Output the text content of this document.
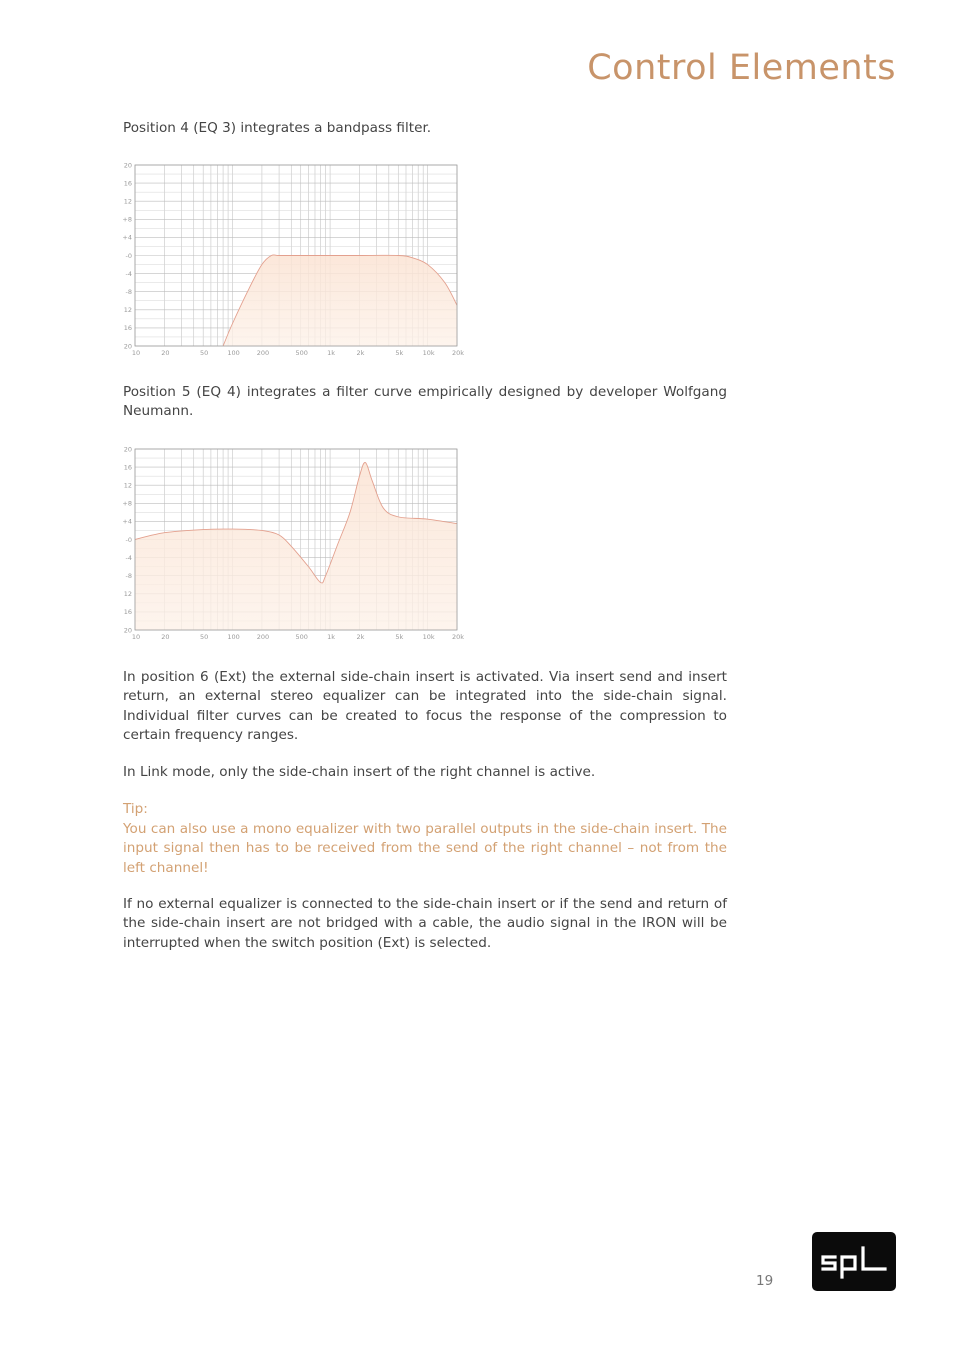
Control Elements
Position 4 (EQ 3) integrates a bandpass filter.
20
16
12
+8
+4
-0
-4
-8
12
16
20
10	20	50	100	200	500	1k	2k	5k	10k	20k
Position 5 (EQ 4) integrates a filter curve empirically designed by developer Wolfgang Neumann.
20
16
12
+8
+4
-0
-4
-8
12
16
20
10	20	50	100	200	500	1k	2k	5k	10k	20k
In position 6 (Ext) the external side-chain insert is activated. Via insert send and insert return, an external stereo equalizer can be integrated into the side-chain signal. Individual filter curves can be created to focus the response of the compression to certain frequency ranges.
In Link mode, only the side-chain insert of the right channel is active.
Tip:
You can also use a mono equalizer with two parallel outputs in the side-chain insert. The input signal then has to be received from the send of the right channel – not from the left channel!
If no external equalizer is connected to the side-chain insert or if the send and return of the side-chain insert are not bridged with a cable, the audio signal in the IRON will be interrupted when the switch position (Ext) is selected.
19
